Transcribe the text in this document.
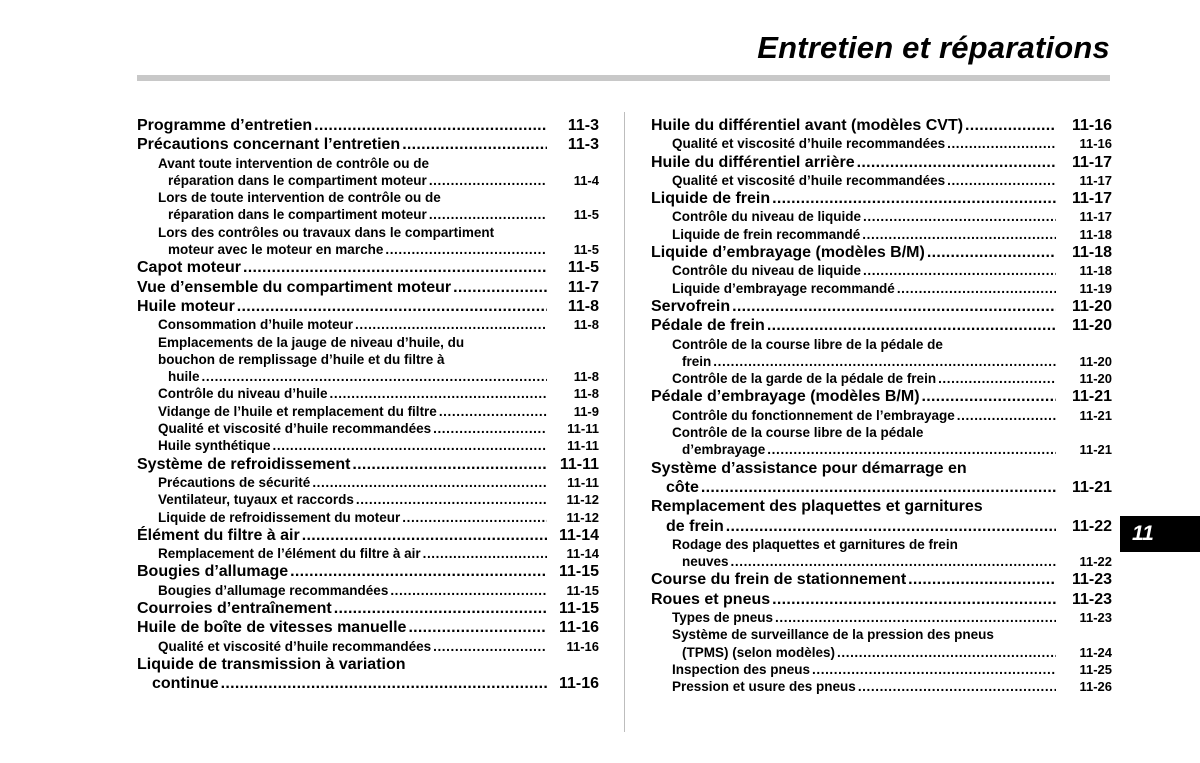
Entretien et réparations
11
Programme d’entretien .....	11-3
Précautions concernant l’entretien .....	11-3
Avant toute intervention de contrôle ou de
réparation dans le compartiment moteur .....	11-4
Lors de toute intervention de contrôle ou de
réparation dans le compartiment moteur .....	11-5
Lors des contrôles ou travaux dans le compartiment
moteur avec le moteur en marche .....	11-5
Capot moteur .....	11-5
Vue d’ensemble du compartiment moteur .....	11-7
Huile moteur .....	11-8
Consommation d’huile moteur .....	11-8
Emplacements de la jauge de niveau d’huile, du
bouchon de remplissage d’huile et du filtre à
huile .....	11-8
Contrôle du niveau d’huile .....	11-8
Vidange de l’huile et remplacement du filtre .....	11-9
Qualité et viscosité d’huile recommandées .....	11-11
Huile synthétique .....	11-11
Système de refroidissement .....	11-11
Précautions de sécurité .....	11-11
Ventilateur, tuyaux et raccords .....	11-12
Liquide de refroidissement du moteur .....	11-12
Élément du filtre à air .....	11-14
Remplacement de l’élément du filtre à air .....	11-14
Bougies d’allumage .....	11-15
Bougies d’allumage recommandées .....	11-15
Courroies d’entraînement .....	11-15
Huile de boîte de vitesses manuelle .....	11-16
Qualité et viscosité d’huile recommandées .....	11-16
Liquide de transmission à variation
continue .....	11-16
Huile du différentiel avant (modèles CVT) .....	11-16
Qualité et viscosité d’huile recommandées .....	11-16
Huile du différentiel arrière .....	11-17
Qualité et viscosité d’huile recommandées .....	11-17
Liquide de frein .....	11-17
Contrôle du niveau de liquide .....	11-17
Liquide de frein recommandé .....	11-18
Liquide d’embrayage (modèles B/M) .....	11-18
Contrôle du niveau de liquide .....	11-18
Liquide d’embrayage recommandé .....	11-19
Servofrein .....	11-20
Pédale de frein .....	11-20
Contrôle de la course libre de la pédale de
frein .....	11-20
Contrôle de la garde de la pédale de frein .....	11-20
Pédale d’embrayage (modèles B/M) .....	11-21
Contrôle du fonctionnement de l’embrayage .....	11-21
Contrôle de la course libre de la pédale
d’embrayage .....	11-21
Système d’assistance pour démarrage en
côte .....	11-21
Remplacement des plaquettes et garnitures
de frein .....	11-22
Rodage des plaquettes et garnitures de frein
neuves .....	11-22
Course du frein de stationnement .....	11-23
Roues et pneus .....	11-23
Types de pneus .....	11-23
Système de surveillance de la pression des pneus
(TPMS) (selon modèles) .....	11-24
Inspection des pneus .....	11-25
Pression et usure des pneus .....	11-26
